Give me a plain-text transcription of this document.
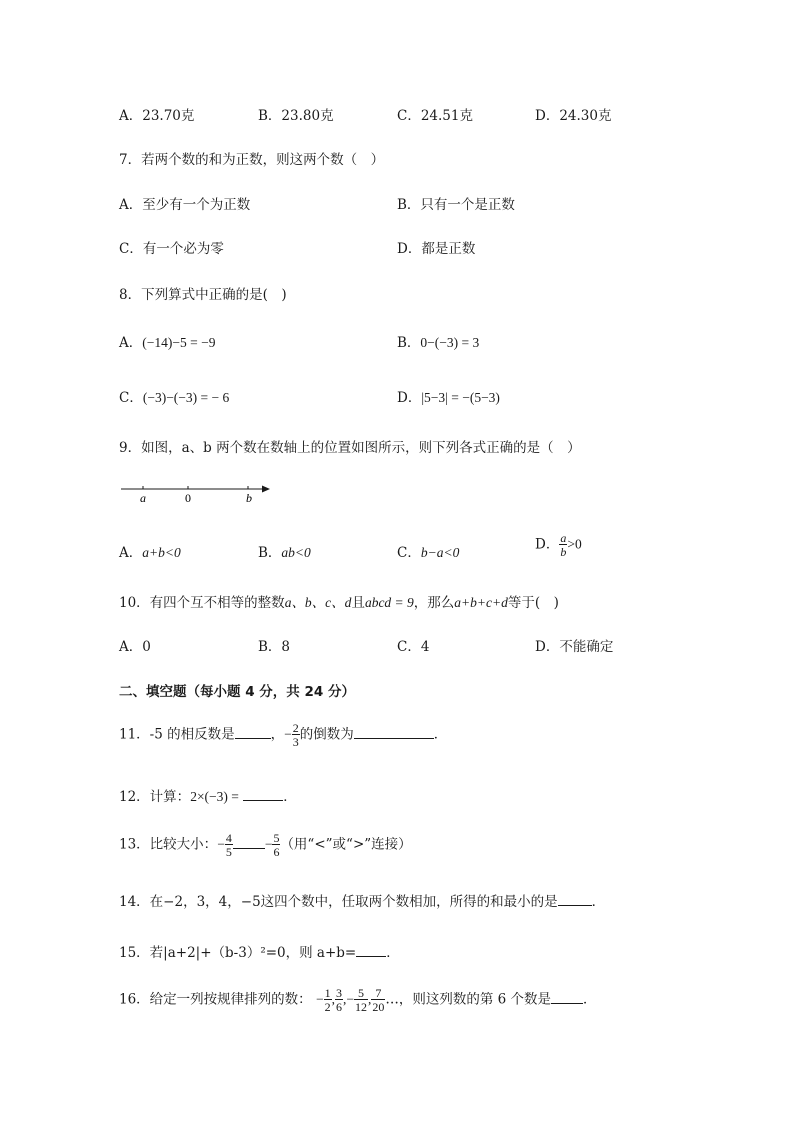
A．23.70克	B．23.80克	C．24.51克	D．24.30克
7．若两个数的和为正数，则这两个数（　）
A．至少有一个为正数	B．只有一个是正数
C．有一个必为零	D．都是正数
8．下列算式中正确的是(　)
A．(−14)−5 = −9	B．0−(−3) = 3
C．(−3)−(−3) = − 6	D．|5−3| = −(5−3)
9．如图，a、b 两个数在数轴上的位置如图所示，则下列各式正确的是（　）
a	0	b
A．a+b<0	B．ab<0	C．b−a<0	D． $\frac{a}{b} >0$
10．有四个互不相等的整数a、b、c、d且abcd = 9，那么a+b+c+d等于(　)
A．0	B．8	C．4	D．不能确定
二、填空题（每小题 4 分，共 24 分）
11．-5 的相反数是	，− $\frac{2}{3}$ 的倒数为	．
12．计算：2×(−3) =	．
13．比较大小：− $\frac{4}{5} - \frac{5}{6}$ （用“<”或“>”连接）
14．在−2，3，4，−5这四个数中，任取两个数相加，所得的和最小的是	．
15．若|a+2|+（b-3）²=0，则 a+b= ．
16．给定一列按规律排列的数： − $\frac{1}{2}$ , $\frac{3}{6}$ ,− $\frac{5}{12}$ , $\frac{7}{20}$ …，则这列数的第 6 个数是 ．
